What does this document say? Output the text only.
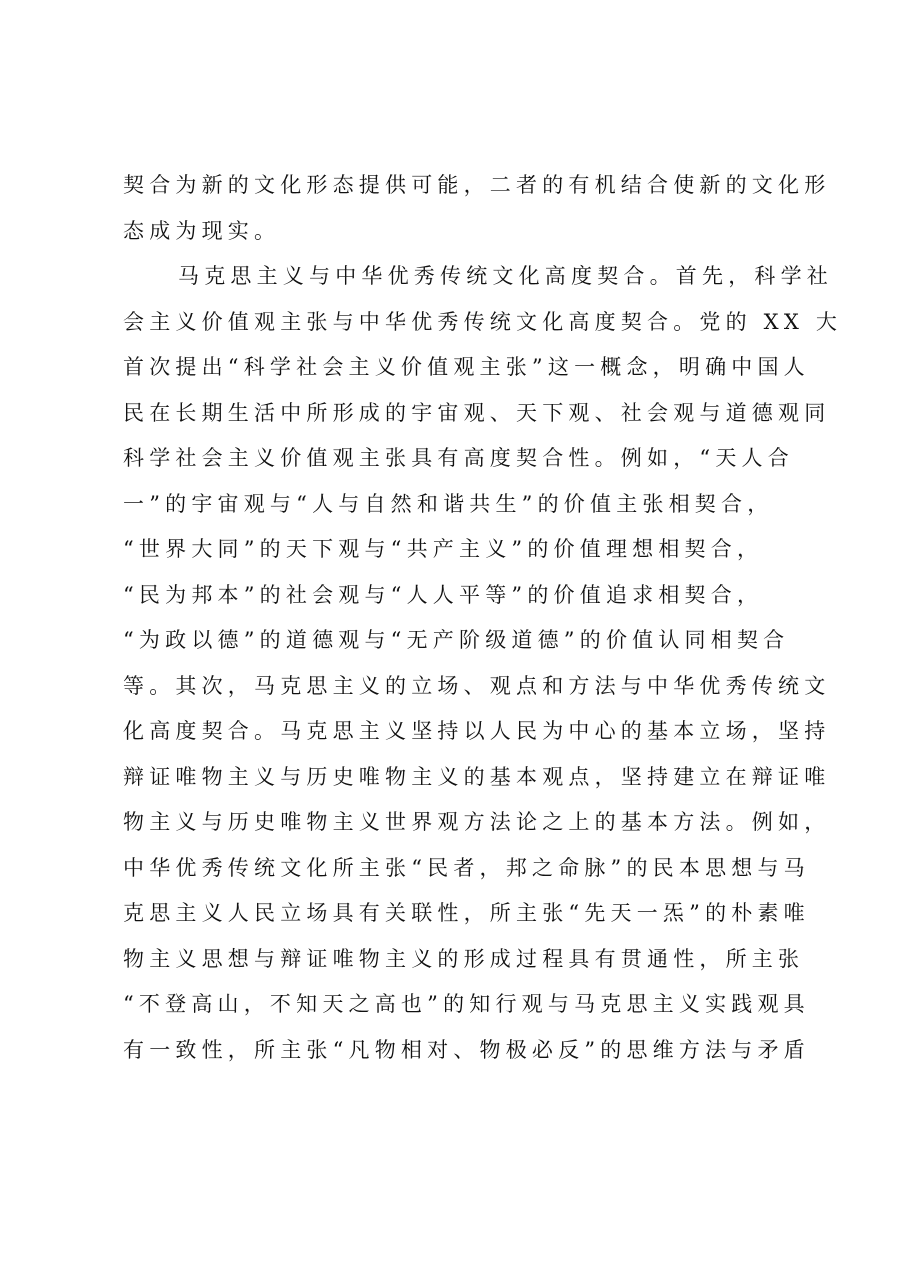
契合为新的文化形态提供可能，二者的有机结合使新的文化形
态成为现实。
马克思主义与中华优秀传统文化高度契合。首先，科学社
会主义价值观主张与中华优秀传统文化高度契合。党的 XX 大
首次提出“科学社会主义价值观主张”这一概念，明确中国人
民在长期生活中所形成的宇宙观、天下观、社会观与道德观同
科学社会主义价值观主张具有高度契合性。例如，“天人合
一”的宇宙观与“人与自然和谐共生”的价值主张相契合，
“世界大同”的天下观与“共产主义”的价值理想相契合，
“民为邦本”的社会观与“人人平等”的价值追求相契合，
“为政以德”的道德观与“无产阶级道德”的价值认同相契合
等。其次，马克思主义的立场、观点和方法与中华优秀传统文
化高度契合。马克思主义坚持以人民为中心的基本立场，坚持
辩证唯物主义与历史唯物主义的基本观点，坚持建立在辩证唯
物主义与历史唯物主义世界观方法论之上的基本方法。例如，
中华优秀传统文化所主张“民者，邦之命脉”的民本思想与马
克思主义人民立场具有关联性，所主张“先天一炁”的朴素唯
物主义思想与辩证唯物主义的形成过程具有贯通性，所主张
“不登高山，不知天之高也”的知行观与马克思主义实践观具
有一致性，所主张“凡物相对、物极必反”的思维方法与矛盾
